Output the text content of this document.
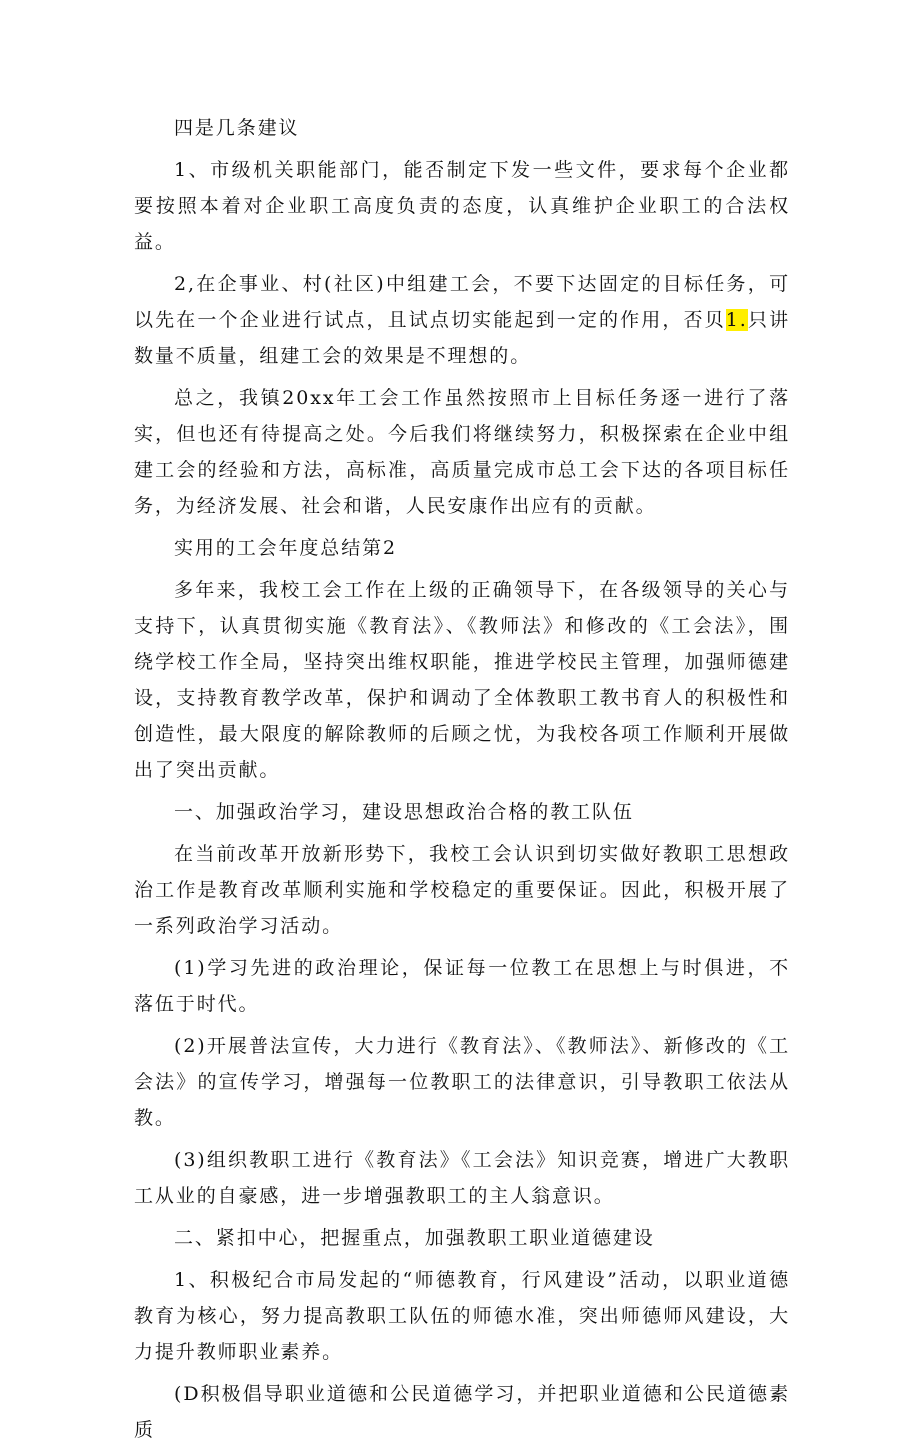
四是几条建议

1、市级机关职能部门，能否制定下发一些文件，要求每个企业都要按照本着对企业职工高度负责的态度，认真维护企业职工的合法权益。

2,在企事业、村(社区)中组建工会，不要下达固定的目标任务，可以先在一个企业进行试点，且试点切实能起到一定的作用，否贝1.只讲数量不质量，组建工会的效果是不理想的。

总之，我镇20xx年工会工作虽然按照市上目标任务逐一进行了落实，但也还有待提高之处。今后我们将继续努力，积极探索在企业中组建工会的经验和方法，高标准，高质量完成市总工会下达的各项目标任务，为经济发展、社会和谐，人民安康作出应有的贡献。

实用的工会年度总结第2

多年来，我校工会工作在上级的正确领导下，在各级领导的关心与支持下，认真贯彻实施《教育法》、《教师法》和修改的《工会法》，围绕学校工作全局，坚持突出维权职能，推进学校民主管理，加强师德建设，支持教育教学改革，保护和调动了全体教职工教书育人的积极性和创造性，最大限度的解除教师的后顾之忧，为我校各项工作顺利开展做出了突出贡献。

一、加强政治学习，建设思想政治合格的教工队伍

在当前改革开放新形势下，我校工会认识到切实做好教职工思想政治工作是教育改革顺利实施和学校稳定的重要保证。因此，积极开展了一系列政治学习活动。

(1)学习先进的政治理论，保证每一位教工在思想上与时俱进，不落伍于时代。

(2)开展普法宣传，大力进行《教育法》、《教师法》、新修改的《工会法》的宣传学习，增强每一位教职工的法律意识，引导教职工依法从教。

(3)组织教职工进行《教育法》《工会法》知识竞赛，增进广大教职工从业的自豪感，进一步增强教职工的主人翁意识。

二、紧扣中心，把握重点，加强教职工职业道德建设

1、积极纪合市局发起的“师德教育，行风建设”活动，以职业道德教育为核心，努力提高教职工队伍的师德水准，突出师德师风建设，大力提升教师职业素养。

(D积极倡导职业道德和公民道德学习，并把职业道德和公民道德素质
